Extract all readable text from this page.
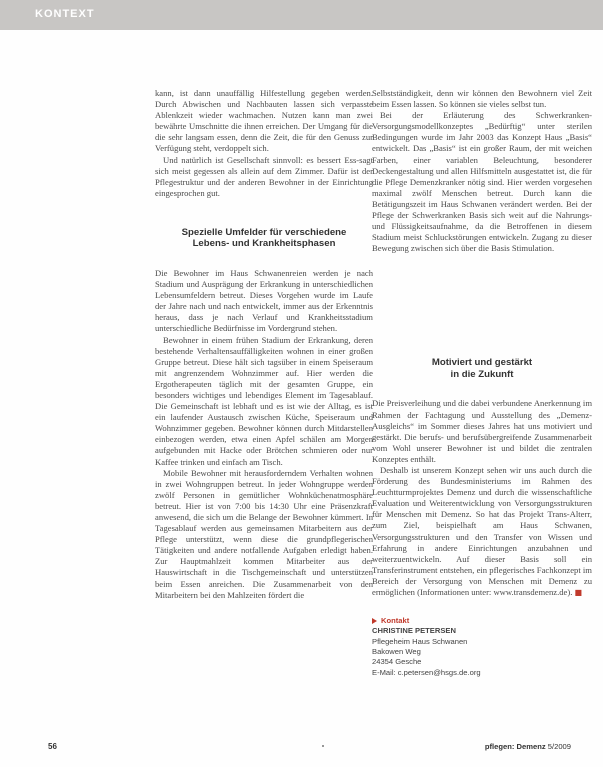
KONTEXT

kann, ist dann unauffällig Hilfestellung gegeben werden. Durch Abwischen und Nachbauten lassen sich verpasste Ablenkzeit wieder wachmachen. Nutzen kann man zwei bewährte Umschnitte die ihnen erreichen. Der Umgang für die die sehr langsam essen, denn die Zeit, die für den Genuss zur Verfügung steht, verdoppelt sich.

Und natürlich ist Gesellschaft sinnvoll: es bessert Ess-sagt sich meist gegessen als allein auf dem Zimmer. Dafür ist der Pflegestruktur und der anderen Bewohner in der Einrichtung eingesprochen gut.

Spezielle Umfelder für verschiedene
Lebens- und Krankheitsphasen

Die Bewohner im Haus Schwanenreien werden je nach Stadium und Ausprägung der Erkrankung in unterschiedlichen Lebensumfeldern betreut. Dieses Vorgehen wurde im Laufe der Jahre nach und nach entwickelt, immer aus der Erkenntnis heraus, dass je nach Verlauf und Krankheitsstadium unterschiedliche Bedürfnisse im Vordergrund stehen.

Bewohner in einem frühen Stadium der Erkrankung, deren bestehende Verhaltensauffälligkeiten wohnen in einer großen Gruppe betreut. Diese hält sich tagsüber in einem Speiseraum mit angrenzendem Wohnzimmer auf. Hier werden die Ergotherapeuten täglich mit der gesamten Gruppe, ein besonders wichtiges und lebendiges Element im Tagesablauf. Die Gemeinschaft ist lebhaft und es ist wie der Alltag, es ist ein laufender Austausch zwischen Küche, Speiseraum und Wohnzimmer gegeben. Bewohner können durch Mitdarstellen einbezogen werden, etwa einen Apfel schälen am Morgen aufgebunden mit Hacke oder Brötchen schmieren oder nur Kaffee trinken und einfach am Tisch.

Mobile Bewohner mit herausforderndem Verhalten wohnen in zwei Wohngruppen betreut. In jeder Wohngruppe werden zwölf Personen in gemütlicher Wohnküchenatmosphäre betreut. Hier ist von 7:00 bis 14:30 Uhr eine Präsenzkraft anwesend, die sich um die Belange der Bewohner kümmert. In Tagesablauf werden aus gemeinsamen Mitarbeitern aus der Pflege unterstützt, wenn diese die grundpflegerischen Tätigkeiten und andere notfallende Aufgaben erledigt haben. Zur Hauptmahlzeit kommen Mitarbeiter aus der Hauswirtschaft in die Tischgemeinschaft und unterstützen beim Essen anreichen. Die Zusammenarbeit von den Mitarbeitern bei den Mahlzeiten fördert die

Selbstständigkeit, denn wir können den Bewohnern viel Zeit beim Essen lassen. So können sie vieles selbst tun.

Bei der Erläuterung des Schwerkranken-Versorgungsmodellkonzeptes „Bedürftig“ unter sterilen Bedingungen wurde im Jahr 2003 das Konzept Haus „Basis“ entwickelt. Das „Basis“ ist ein großer Raum, der mit weichen Farben, einer variablen Beleuchtung, besonderer Deckengestaltung und allen Hilfsmitteln ausgestattet ist, die für die Pflege Demenzkranker nötig sind. Hier werden vorgesehen maximal zwölf Menschen betreut. Durch kann die Betätigungszeit im Haus Schwanen verändert werden. Bei der Pflege der Schwerkranken Basis sich weit auf die Nahrungs- und Flüssigkeitsaufnahme, da die Betroffenen in diesem Stadium meist Schluckstörungen entwickeln. Zugang zu dieser Bewegung zwischen sich über die Basis Stimulation.

Motiviert und gestärkt
in die Zukunft

Die Preisverleihung und die dabei verbundene Anerkennung im Rahmen der Fachtagung und Ausstellung des „Demenz-Ausgleichs“ im Sommer dieses Jahres hat uns motiviert und gestärkt. Die berufs- und berufsübergreifende Zusammenarbeit vom Wohl unserer Bewohner ist und bildet die zentralen Konzeptes enthält.

Deshalb ist unserem Konzept sehen wir uns auch durch die Förderung des Bundesministeriums im Rahmen des Leuchtturmprojektes Demenz und durch die wissenschaftliche Evaluation und Weiterentwicklung von Versorgungsstrukturen für Menschen mit Demenz. So hat das Projekt Trans-Alterr, zum Ziel, beispielhaft am Haus Schwanen, Versorgungsstrukturen und den Transfer von Wissen und Erfahrung in andere Einrichtungen anzubahnen und weiterzuentwickeln. Auf dieser Basis soll ein Transferinstrument entstehen, ein pflegerisches Fachkonzept im Bereich der Versorgung von Menschen mit Demenz zu ermöglichen (Informationen unter: www.transdemenz.de). ■

Kontakt
CHRISTINE PETERSEN
Pflegeheim Haus Schwanen
Bakowen Weg
24354 Gesche
E-Mail: c.petersen@hsgs.de.org
56	pflegen: Demenz 5/2009
